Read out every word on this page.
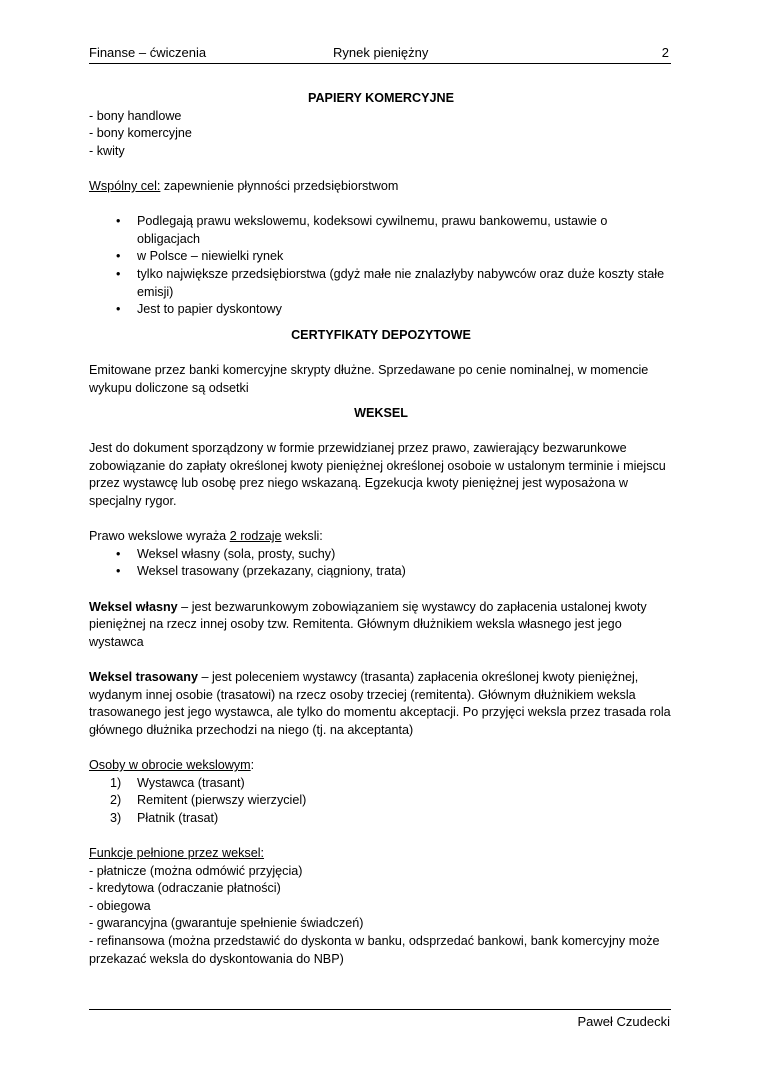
Finanse – ćwiczenia	Rynek pieniężny	2

PAPIERY KOMERCYJNE

- bony handlowe

- bony komercyjne

- kwity

Wspólny cel: zapewnienie płynności przedsiębiorstwom

• Podlegają prawu wekslowemu, kodeksowi cywilnemu, prawu bankowemu, ustawie o obligacjach
• w Polsce – niewielki rynek
• tylko największe przedsiębiorstwa (gdyż małe nie znalazłyby nabywców oraz duże koszty stałe emisji)
• Jest to papier dyskontowy

CERTYFIKATY DEPOZYTOWE

Emitowane przez banki komercyjne skrypty dłużne. Sprzedawane po cenie nominalnej, w momencie wykupu doliczone są odsetki

WEKSEL

Jest do dokument sporządzony w formie przewidzianej przez prawo, zawierający bezwarunkowe zobowiązanie do zapłaty określonej kwoty pieniężnej określonej osoboie w ustalonym terminie i miejscu przez wystawcę lub osobę prez niego wskazaną. Egzekucja kwoty pieniężnej jest wyposażona w specjalny rygor.

Prawo wekslowe wyraża 2 rodzaje weksli:

• Weksel własny (sola, prosty, suchy)
• Weksel trasowany (przekazany, ciągniony, trata)

Weksel własny – jest bezwarunkowym zobowiązaniem się wystawcy do zapłacenia ustalonej kwoty pieniężnej na rzecz innej osoby tzw. Remitenta. Głównym dłużnikiem weksla własnego jest jego wystawca

Weksel trasowany – jest poleceniem wystawcy (trasanta) zapłacenia określonej kwoty pieniężnej, wydanym innej osobie (trasatowi) na rzecz osoby trzeciej (remitenta). Głównym dłużnikiem weksla trasowanego jest jego wystawca, ale tylko do momentu akceptacji. Po przyjęci weksla przez trasada rola głównego dłużnika przechodzi na niego (tj. na akceptanta)

Osoby w obrocie wekslowym:

1) Wystawca (trasant)
2) Remitent (pierwszy wierzyciel)
3) Płatnik (trasat)

Funkcje pełnione przez weksel:

- płatnicze (można odmówić przyjęcia)

- kredytowa (odraczanie płatności)

- obiegowa

- gwarancyjna (gwarantuje spełnienie świadczeń)

- refinansowa (można przedstawić do dyskonta w banku, odsprzedać bankowi, bank komercyjny może przekazać weksla do dyskontowania do NBP)

Paweł Czudecki
